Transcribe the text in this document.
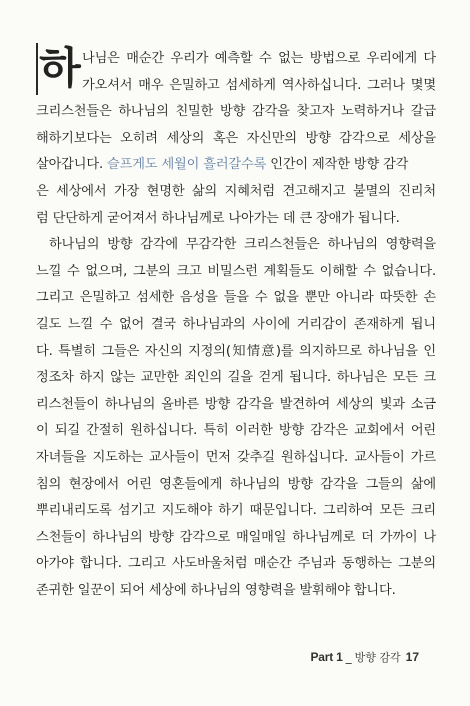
하 나님은 매순간 우리가 예측할 수 없는 방법으로 우리에게 다
가오셔서 매우 은밀하고 섬세하게 역사하십니다. 그러나 몇몇
크리스천들은 하나님의 친밀한 방향 감각을 찾고자 노력하거나 갈급
해하기보다는 오히려 세상의 혹은 자신만의 방향 감각으로 세상을
살아갑니다. 슬프게도 세월이 흘러갈수록 인간이 제작한 방향 감각
은 세상에서 가장 현명한 삶의 지혜처럼 견고해지고 불멸의 진리처
럼 단단하게 굳어져서 하나님께로 나아가는 데 큰 장애가 됩니다.
하나님의 방향 감각에 무감각한 크리스천들은 하나님의 영향력을
느낄 수 없으며, 그분의 크고 비밀스런 계획들도 이해할 수 없습니다.
그리고 은밀하고 섬세한 음성을 들을 수 없을 뿐만 아니라 따뜻한 손
길도 느낄 수 없어 결국 하나님과의 사이에 거리감이 존재하게 됩니
다. 특별히 그들은 자신의 지정의(知情意)를 의지하므로 하나님을 인
정조차 하지 않는 교만한 죄인의 길을 걷게 됩니다. 하나님은 모든 크
리스천들이 하나님의 올바른 방향 감각을 발견하여 세상의 빛과 소금
이 되길 간절히 원하십니다. 특히 이러한 방향 감각은 교회에서 어린
자녀들을 지도하는 교사들이 먼저 갖추길 원하십니다. 교사들이 가르
침의 현장에서 어린 영혼들에게 하나님의 방향 감각을 그들의 삶에
뿌리내리도록 섬기고 지도해야 하기 때문입니다. 그리하여 모든 크리
스천들이 하나님의 방향 감각으로 매일매일 하나님께로 더 가까이 나
아가야 합니다. 그리고 사도바울처럼 매순간 주님과 동행하는 그분의
존귀한 일꾼이 되어 세상에 하나님의 영향력을 발휘해야 합니다.
Part 1 _ 방향 감각 17
